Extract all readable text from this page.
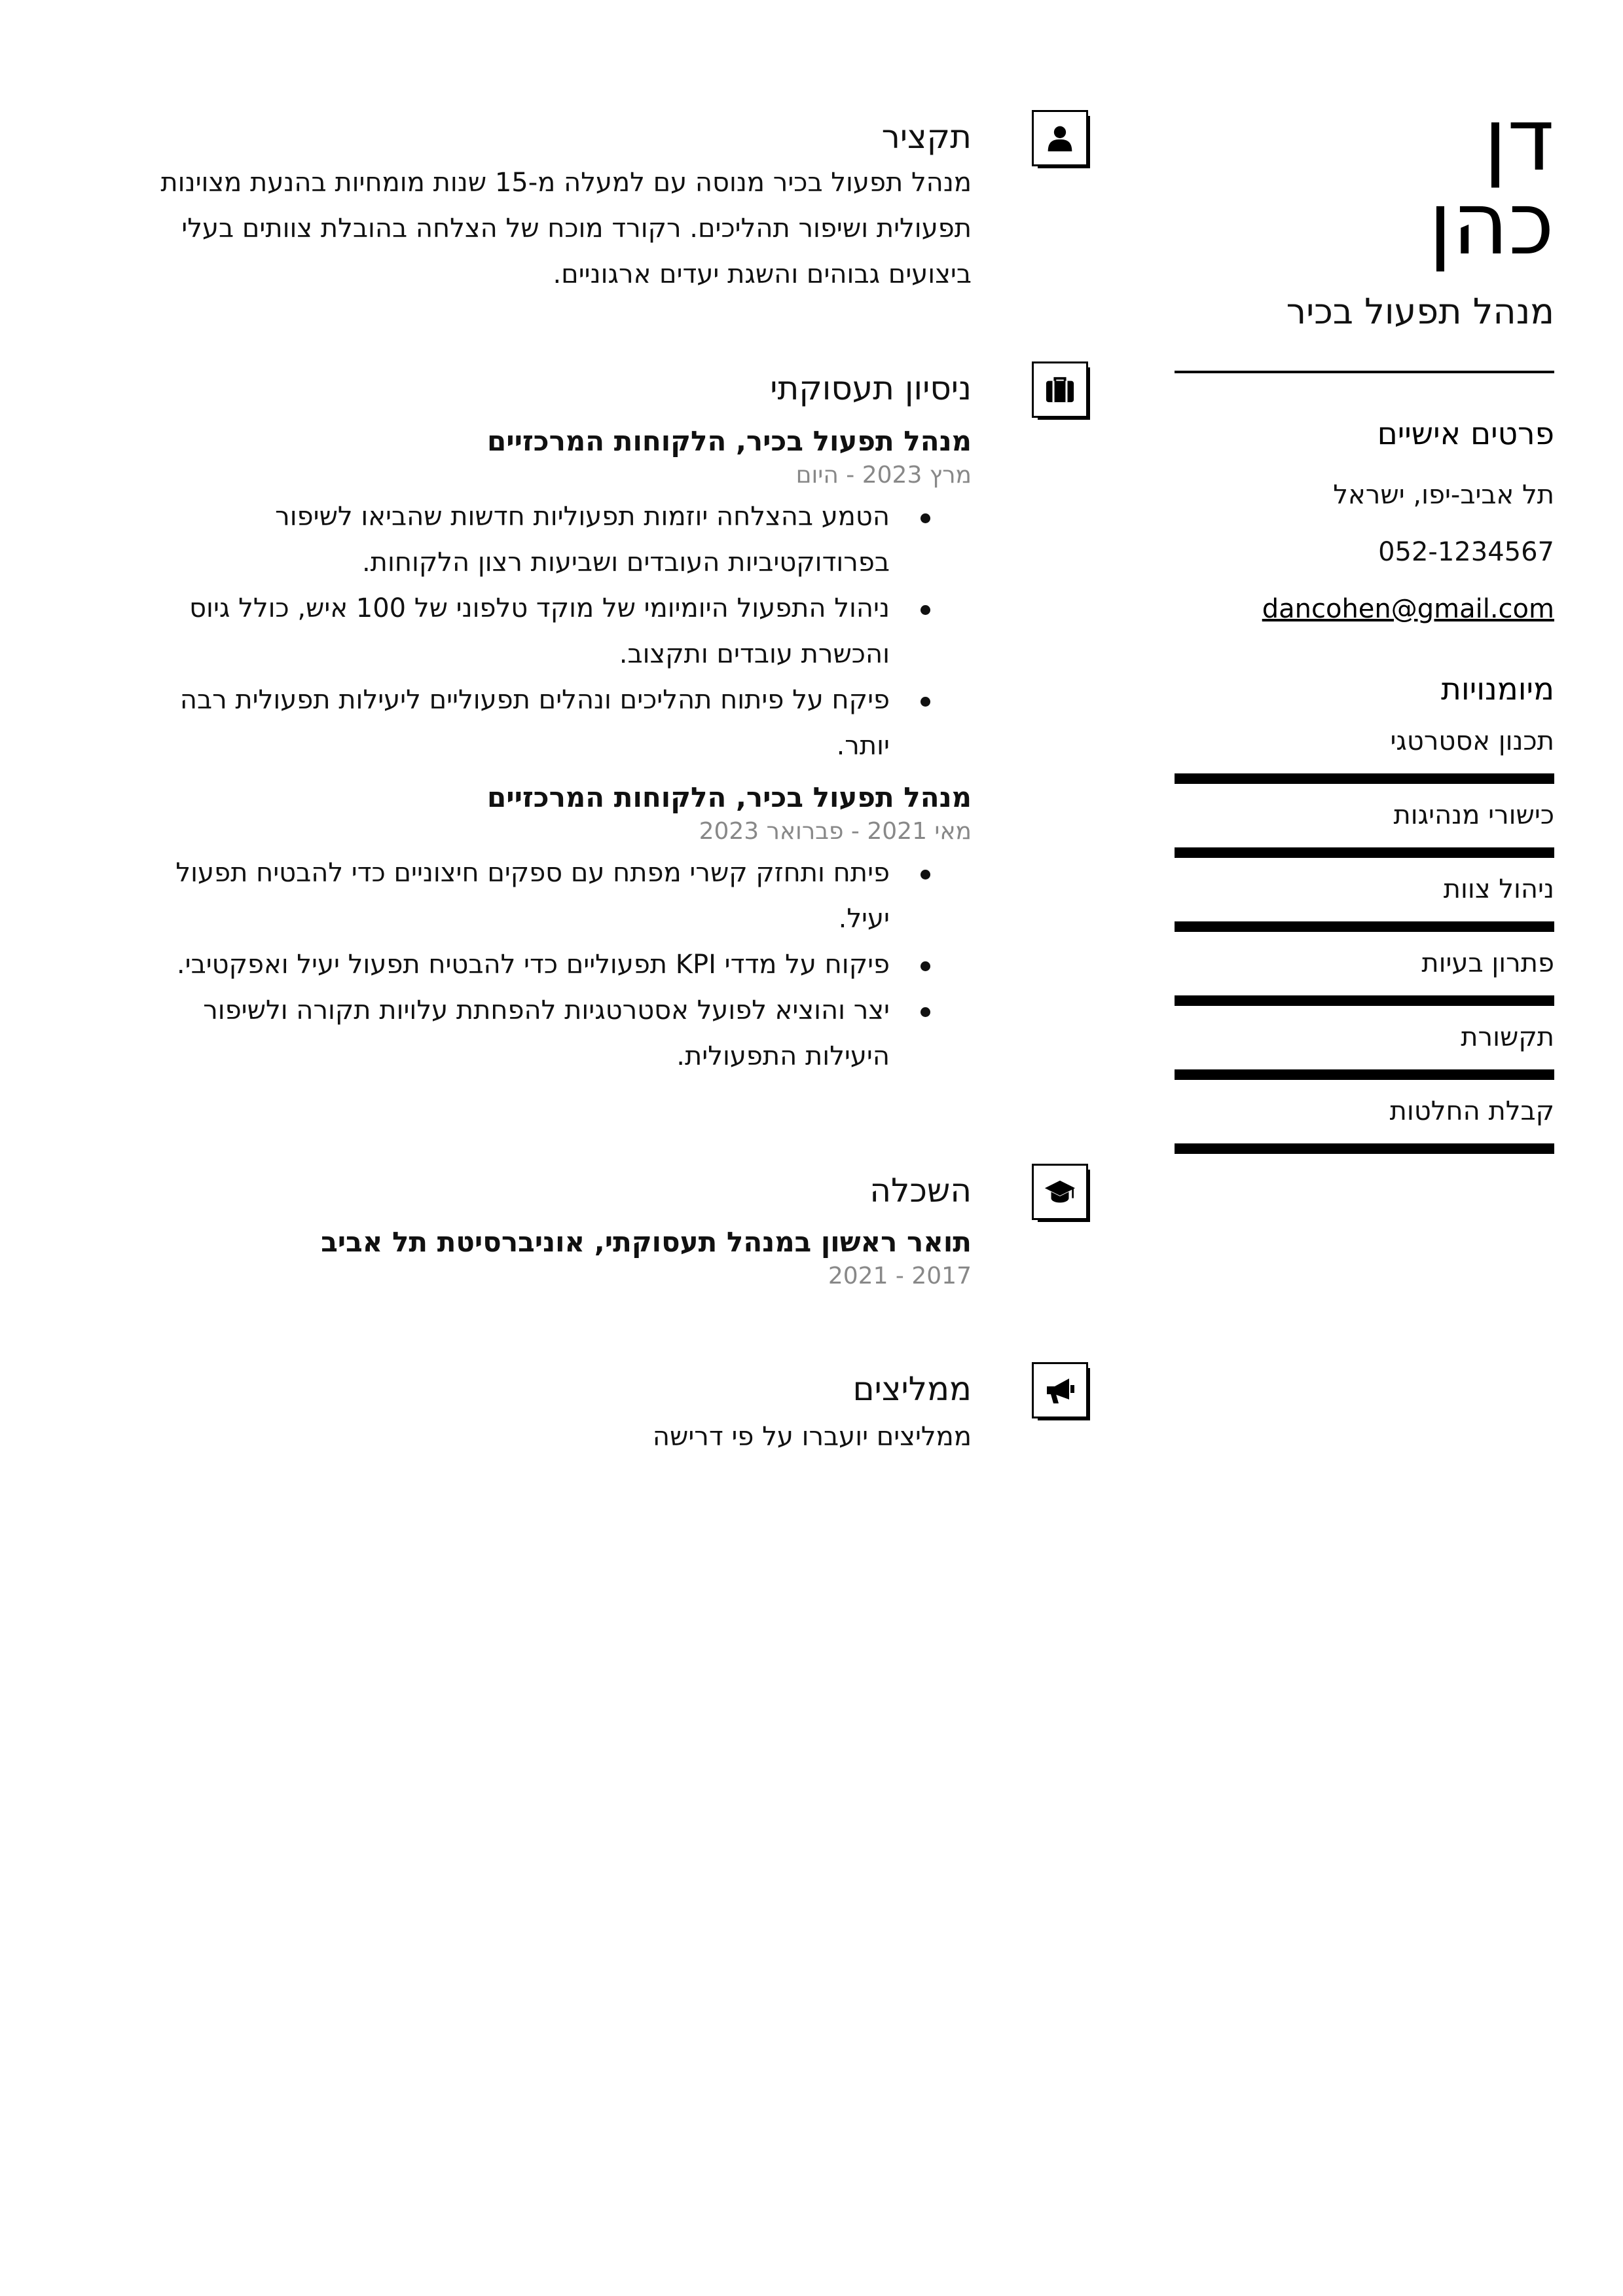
דן
כהן
מנהל תפעול בכיר
פרטים אישיים
תל אביב-יפו, ישראל
052-1234567
dancohen@gmail.com
מיומנויות
תכנון אסטרטגי
כישורי מנהיגות
ניהול צוות
פתרון בעיות
תקשורת
קבלת החלטות
תקציר

מנהל תפעול בכיר מנוסה עם למעלה מ-15 שנות מומחיות בהנעת מצוינות תפעולית ושיפור תהליכים. רקורד מוכח של הצלחה בהובלת צוותים בעלי ביצועים גבוהים והשגת יעדים ארגוניים.

ניסיון תעסוקתי
מנהל תפעול בכיר, הלקוחות המרכזיים
מרץ 2023 - היום
הטמע בהצלחה יוזמות תפעוליות חדשות שהביאו לשיפור בפרודוקטיביות העובדים ושביעות רצון הלקוחות.
ניהול התפעול היומיומי של מוקד טלפוני של 100 איש, כולל גיוס והכשרת עובדים ותקצוב.
פיקח על פיתוח תהליכים ונהלים תפעוליים ליעילות תפעולית רבה יותר.
מנהל תפעול בכיר, הלקוחות המרכזיים
מאי 2021 - פברואר 2023
פיתח ותחזק קשרי מפתח עם ספקים חיצוניים כדי להבטיח תפעול יעיל.
פיקוח על מדדי KPI תפעוליים כדי להבטיח תפעול יעיל ואפקטיבי.
יצר והוציא לפועל אסטרטגיות להפחתת עלויות תקורה ולשיפור היעילות התפעולית.
השכלה
תואר ראשון במנהל תעסוקתי, אוניברסיטת תל אביב
2017 - 2021
ממליצים

ממליצים יועברו על פי דרישה
